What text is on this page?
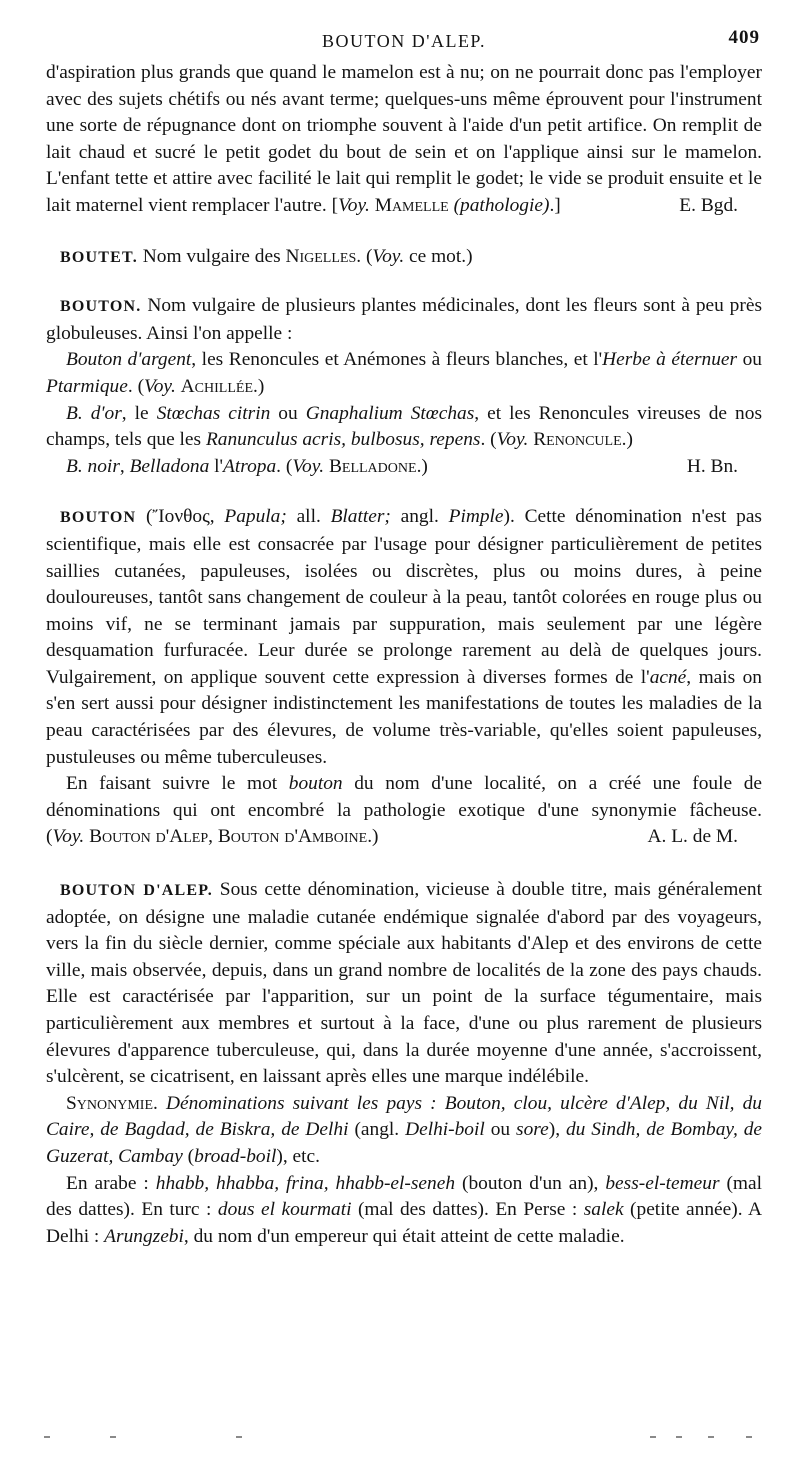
BOUTON D'ALEP.	409

d'aspiration plus grands que quand le mamelon est à nu; on ne pourrait donc pas l'employer avec des sujets chétifs ou nés avant terme; quelques-uns même éprouvent pour l'instrument une sorte de répugnance dont on triomphe souvent à l'aide d'un petit artifice. On remplit de lait chaud et sucré le petit godet du bout de sein et on l'applique ainsi sur le mamelon. L'enfant tette et attire avec facilité le lait qui remplit le godet; le vide se produit ensuite et le lait maternel vient remplacer l'autre. [Voy. Mamelle (pathologie).]	E. Bgd.

BOUTET. Nom vulgaire des Nigelles. (Voy. ce mot.)

BOUTON. Nom vulgaire de plusieurs plantes médicinales, dont les fleurs sont à peu près globuleuses. Ainsi l'on appelle :

Bouton d'argent, les Renoncules et Anémones à fleurs blanches, et l'Herbe à éternuer ou Ptarmique. (Voy. Achillée.)

B. d'or, le Stœchas citrin ou Gnaphalium Stœchas, et les Renoncules vireuses de nos champs, tels que les Ranunculus acris, bulbosus, repens. (Voy. Renoncule.)

B. noir, Belladona l'Atropa. (Voy. Belladone.)	H. Bn.

BOUTON (Ἴονθος, Papula; all. Blatter; angl. Pimple). Cette dénomination n'est pas scientifique, mais elle est consacrée par l'usage pour désigner particulièrement de petites saillies cutanées, papuleuses, isolées ou discrètes, plus ou moins dures, à peine douloureuses, tantôt sans changement de couleur à la peau, tantôt colorées en rouge plus ou moins vif, ne se terminant jamais par suppuration, mais seulement par une légère desquamation furfuracée. Leur durée se prolonge rarement au delà de quelques jours. Vulgairement, on applique souvent cette expression à diverses formes de l'acné, mais on s'en sert aussi pour désigner indistinctement les manifestations de toutes les maladies de la peau caractérisées par des élevures, de volume très-variable, qu'elles soient papuleuses, pustuleuses ou même tuberculeuses.

En faisant suivre le mot bouton du nom d'une localité, on a créé une foule de dénominations qui ont encombré la pathologie exotique d'une synonymie fâcheuse. (Voy. Bouton d'Alep, Bouton d'Amboine.)	A. L. de M.

BOUTON D'ALEP. Sous cette dénomination, vicieuse à double titre, mais généralement adoptée, on désigne une maladie cutanée endémique signalée d'abord par des voyageurs, vers la fin du siècle dernier, comme spéciale aux habitants d'Alep et des environs de cette ville, mais observée, depuis, dans un grand nombre de localités de la zone des pays chauds. Elle est caractérisée par l'apparition, sur un point de la surface tégumentaire, mais particulièrement aux membres et surtout à la face, d'une ou plus rarement de plusieurs élevures d'apparence tuberculeuse, qui, dans la durée moyenne d'une année, s'accroissent, s'ulcèrent, se cicatrisent, en laissant après elles une marque indélébile.

Synonymie. Dénominations suivant les pays : Bouton, clou, ulcère d'Alep, du Nil, du Caire, de Bagdad, de Biskra, de Delhi (angl. Delhi-boil ou sore), du Sindh, de Bombay, de Guzerat, Cambay (broad-boil), etc.

En arabe : hhabb, hhabba, frina, hhabb-el-seneh (bouton d'un an), bess-el-temeur (mal des dattes). En turc : dous el kourmati (mal des dattes). En Perse : salek (petite année). A Delhi : Arungzebi, du nom d'un empereur qui était atteint de cette maladie.
